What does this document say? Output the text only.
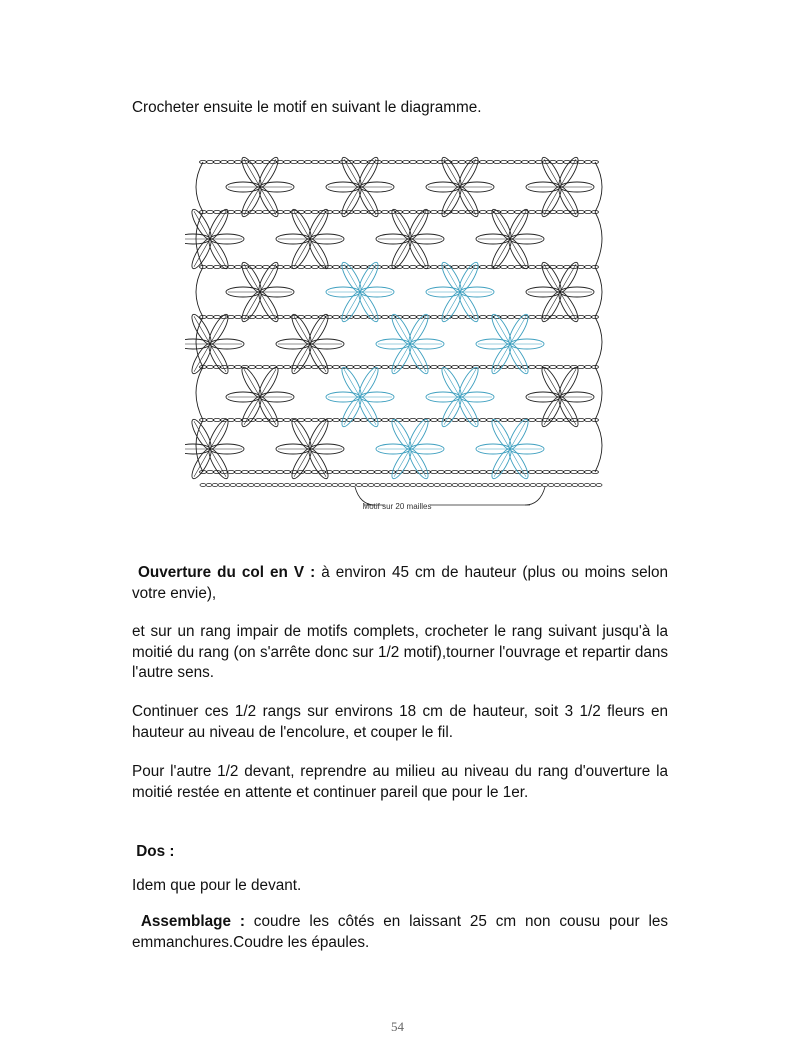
Crocheter ensuite le motif en suivant le diagramme.

Motif sur 20 mailles

Ouverture du col en V : à environ 45 cm de hauteur (plus ou moins selon votre envie),

et sur un rang impair de motifs complets, crocheter le rang suivant jusqu'à la moitié du rang (on s'arrête donc sur 1/2 motif),tourner l'ouvrage et repartir dans l'autre sens.

Continuer ces 1/2 rangs sur environs 18 cm de hauteur, soit 3 1/2 fleurs en hauteur au niveau de l'encolure, et couper le fil.

Pour l'autre 1/2 devant, reprendre au milieu au niveau du rang d'ouverture la moitié restée en attente et continuer pareil que pour le 1er.

Dos :

Idem que pour le devant.

Assemblage : coudre les côtés en laissant 25 cm non cousu pour les emmanchures.Coudre les épaules.

54
